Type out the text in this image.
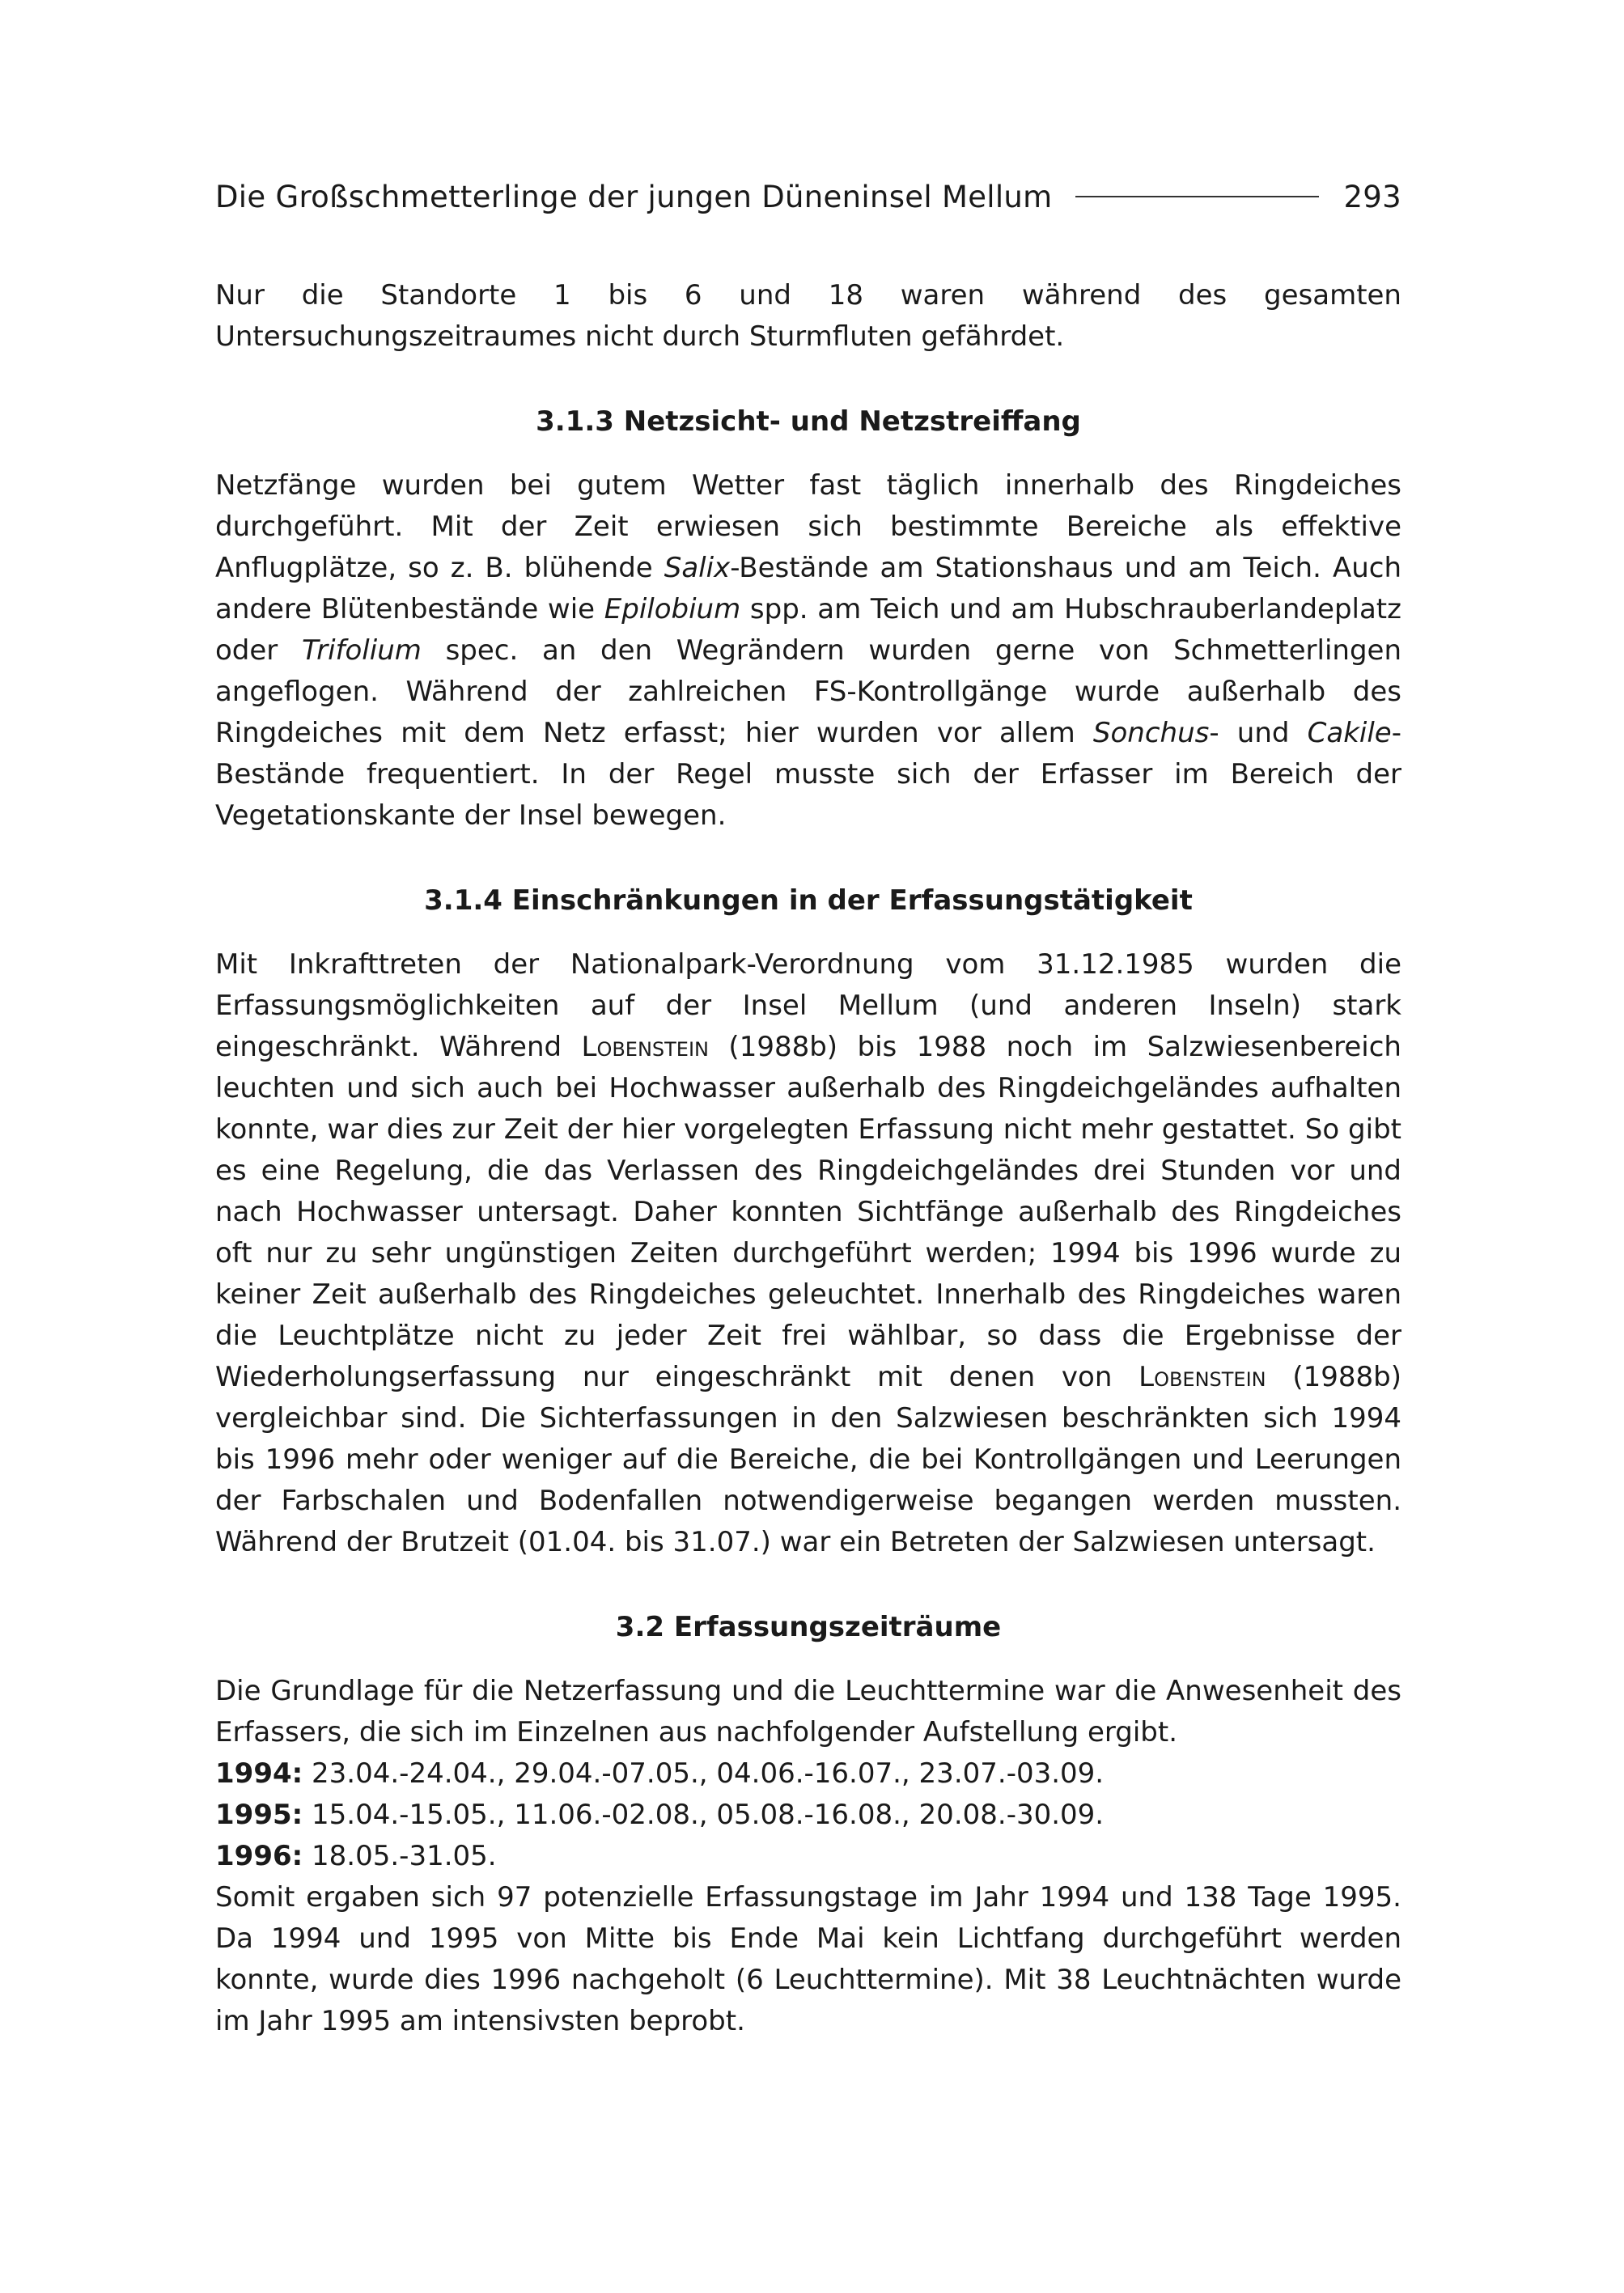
Die Großschmetterlinge der jungen Düneninsel Mellum	293

Nur die Standorte 1 bis 6 und 18 waren während des gesamten Untersuchungszeitraumes nicht durch Sturmfluten gefährdet.

3.1.3 Netzsicht- und Netzstreiffang

Netzfänge wurden bei gutem Wetter fast täglich innerhalb des Ringdeiches durchgeführt. Mit der Zeit erwiesen sich bestimmte Bereiche als effektive Anflugplätze, so z. B. blühende Salix-Bestände am Stationshaus und am Teich. Auch andere Blütenbestände wie Epilobium spp. am Teich und am Hubschrauberlandeplatz oder Trifolium spec. an den Wegrändern wurden gerne von Schmetterlingen angeflogen. Während der zahlreichen FS-Kontrollgänge wurde außerhalb des Ringdeiches mit dem Netz erfasst; hier wurden vor allem Sonchus- und Cakile-Bestände frequentiert. In der Regel musste sich der Erfasser im Bereich der Vegetationskante der Insel bewegen.

3.1.4 Einschränkungen in der Erfassungstätigkeit

Mit Inkrafttreten der Nationalpark-Verordnung vom 31.12.1985 wurden die Erfassungsmöglichkeiten auf der Insel Mellum (und anderen Inseln) stark eingeschränkt. Während Lobenstein (1988b) bis 1988 noch im Salzwiesenbereich leuchten und sich auch bei Hochwasser außerhalb des Ringdeichgeländes aufhalten konnte, war dies zur Zeit der hier vorgelegten Erfassung nicht mehr gestattet. So gibt es eine Regelung, die das Verlassen des Ringdeichgeländes drei Stunden vor und nach Hochwasser untersagt. Daher konnten Sichtfänge außerhalb des Ringdeiches oft nur zu sehr ungünstigen Zeiten durchgeführt werden; 1994 bis 1996 wurde zu keiner Zeit außerhalb des Ringdeiches geleuchtet. Innerhalb des Ringdeiches waren die Leuchtplätze nicht zu jeder Zeit frei wählbar, so dass die Ergebnisse der Wiederholungserfassung nur eingeschränkt mit denen von Lobenstein (1988b) vergleichbar sind. Die Sichterfassungen in den Salzwiesen beschränkten sich 1994 bis 1996 mehr oder weniger auf die Bereiche, die bei Kontrollgängen und Leerungen der Farbschalen und Bodenfallen notwendigerweise begangen werden mussten. Während der Brutzeit (01.04. bis 31.07.) war ein Betreten der Salzwiesen untersagt.

3.2 Erfassungszeiträume

Die Grundlage für die Netzerfassung und die Leuchttermine war die Anwesenheit des Erfassers, die sich im Einzelnen aus nachfolgender Aufstellung ergibt.

1994: 23.04.-24.04., 29.04.-07.05., 04.06.-16.07., 23.07.-03.09.

1995: 15.04.-15.05., 11.06.-02.08., 05.08.-16.08., 20.08.-30.09.

1996: 18.05.-31.05.

Somit ergaben sich 97 potenzielle Erfassungstage im Jahr 1994 und 138 Tage 1995. Da 1994 und 1995 von Mitte bis Ende Mai kein Lichtfang durchgeführt werden konnte, wurde dies 1996 nachgeholt (6 Leuchttermine). Mit 38 Leuchtnächten wurde im Jahr 1995 am intensivsten beprobt.
